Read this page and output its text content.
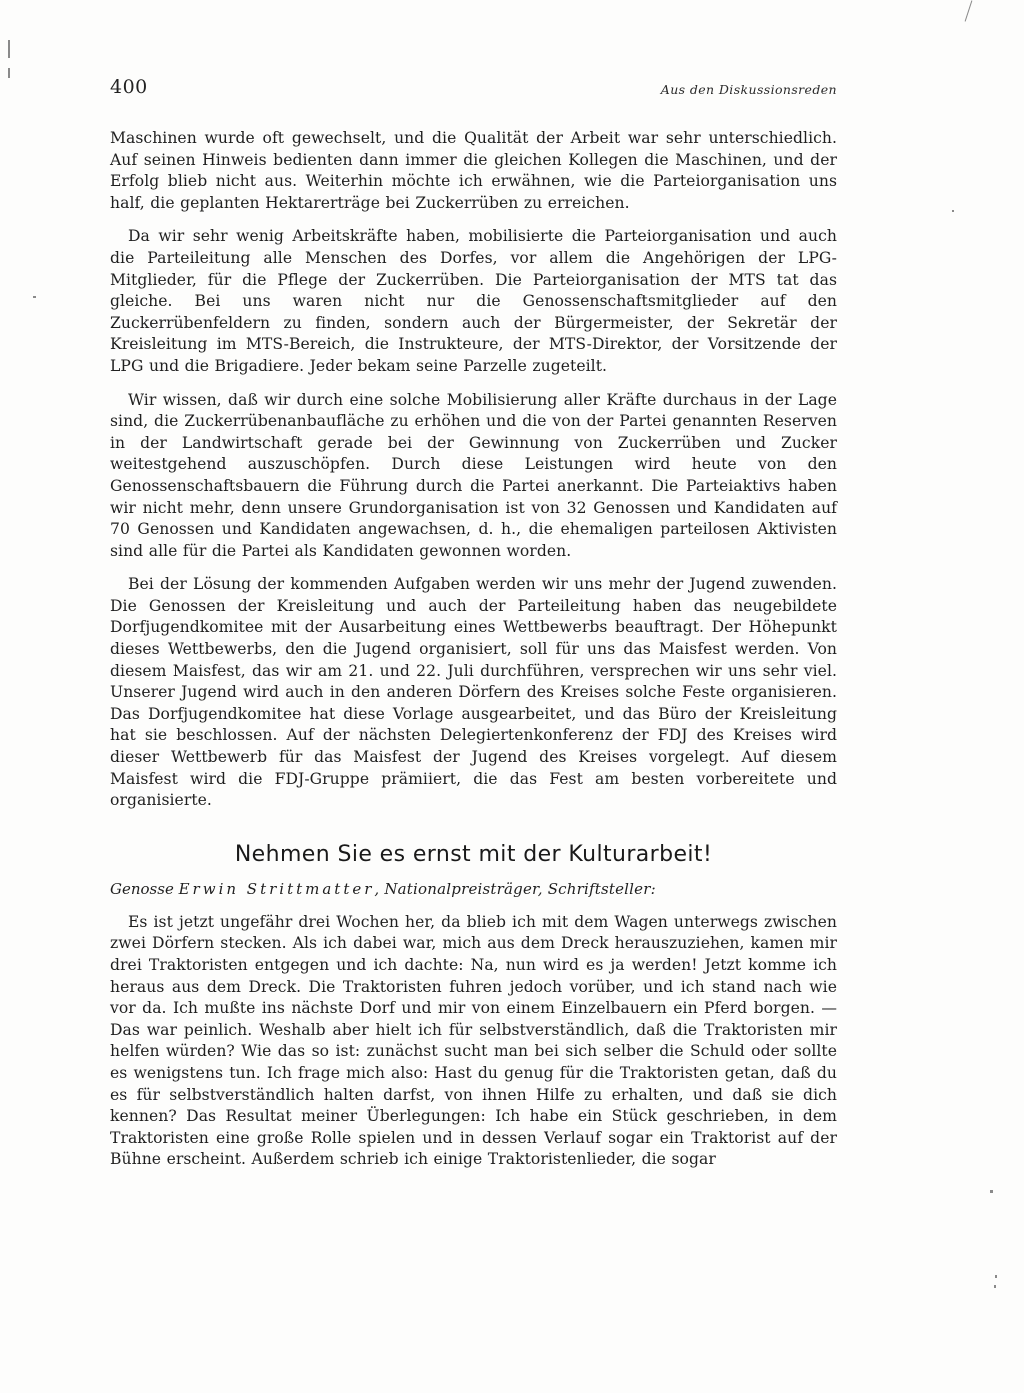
400	Aus den Diskussionsreden

Maschinen wurde oft gewechselt, und die Qualität der Arbeit war sehr unterschiedlich. Auf seinen Hinweis bedienten dann immer die gleichen Kollegen die Maschinen, und der Erfolg blieb nicht aus. Weiterhin möchte ich erwähnen, wie die Parteiorganisation uns half, die geplanten Hektarerträge bei Zuckerrüben zu erreichen.

Da wir sehr wenig Arbeitskräfte haben, mobilisierte die Parteiorganisation und auch die Parteileitung alle Menschen des Dorfes, vor allem die Angehörigen der LPG-Mitglieder, für die Pflege der Zuckerrüben. Die Parteiorganisation der MTS tat das gleiche. Bei uns waren nicht nur die Genossenschaftsmitglieder auf den Zuckerrübenfeldern zu finden, sondern auch der Bürgermeister, der Sekretär der Kreisleitung im MTS-Bereich, die Instrukteure, der MTS-Direktor, der Vorsitzende der LPG und die Brigadiere. Jeder bekam seine Parzelle zugeteilt.

Wir wissen, daß wir durch eine solche Mobilisierung aller Kräfte durchaus in der Lage sind, die Zuckerrübenanbaufläche zu erhöhen und die von der Partei genannten Reserven in der Landwirtschaft gerade bei der Gewinnung von Zuckerrüben und Zucker weitestgehend auszuschöpfen. Durch diese Leistungen wird heute von den Genossenschaftsbauern die Führung durch die Partei anerkannt. Die Parteiaktivs haben wir nicht mehr, denn unsere Grundorganisation ist von 32 Genossen und Kandidaten auf 70 Genossen und Kandidaten angewachsen, d. h., die ehemaligen parteilosen Aktivisten sind alle für die Partei als Kandidaten gewonnen worden.

Bei der Lösung der kommenden Aufgaben werden wir uns mehr der Jugend zuwenden. Die Genossen der Kreisleitung und auch der Parteileitung haben das neugebildete Dorfjugendkomitee mit der Ausarbeitung eines Wettbewerbs beauftragt. Der Höhepunkt dieses Wettbewerbs, den die Jugend organisiert, soll für uns das Maisfest werden. Von diesem Maisfest, das wir am 21. und 22. Juli durchführen, versprechen wir uns sehr viel. Unserer Jugend wird auch in den anderen Dörfern des Kreises solche Feste organisieren. Das Dorfjugendkomitee hat diese Vorlage ausgearbeitet, und das Büro der Kreisleitung hat sie beschlossen. Auf der nächsten Delegiertenkonferenz der FDJ des Kreises wird dieser Wettbewerb für das Maisfest der Jugend des Kreises vorgelegt. Auf diesem Maisfest wird die FDJ-Gruppe prämiiert, die das Fest am besten vorbereitete und organisierte.

Nehmen Sie es ernst mit der Kulturarbeit!

Genosse Erwin Strittmatter, Nationalpreisträger, Schriftsteller:

Es ist jetzt ungefähr drei Wochen her, da blieb ich mit dem Wagen unterwegs zwischen zwei Dörfern stecken. Als ich dabei war, mich aus dem Dreck herauszuziehen, kamen mir drei Traktoristen entgegen und ich dachte: Na, nun wird es ja werden! Jetzt komme ich heraus aus dem Dreck. Die Traktoristen fuhren jedoch vorüber, und ich stand nach wie vor da. Ich mußte ins nächste Dorf und mir von einem Einzelbauern ein Pferd borgen. — Das war peinlich. Weshalb aber hielt ich für selbstverständlich, daß die Traktoristen mir helfen würden? Wie das so ist: zunächst sucht man bei sich selber die Schuld oder sollte es wenigstens tun. Ich frage mich also: Hast du genug für die Traktoristen getan, daß du es für selbstverständlich halten darfst, von ihnen Hilfe zu erhalten, und daß sie dich kennen? Das Resultat meiner Überlegungen: Ich habe ein Stück geschrieben, in dem Traktoristen eine große Rolle spielen und in dessen Verlauf sogar ein Traktorist auf der Bühne erscheint. Außerdem schrieb ich einige Traktoristenlieder, die sogar
